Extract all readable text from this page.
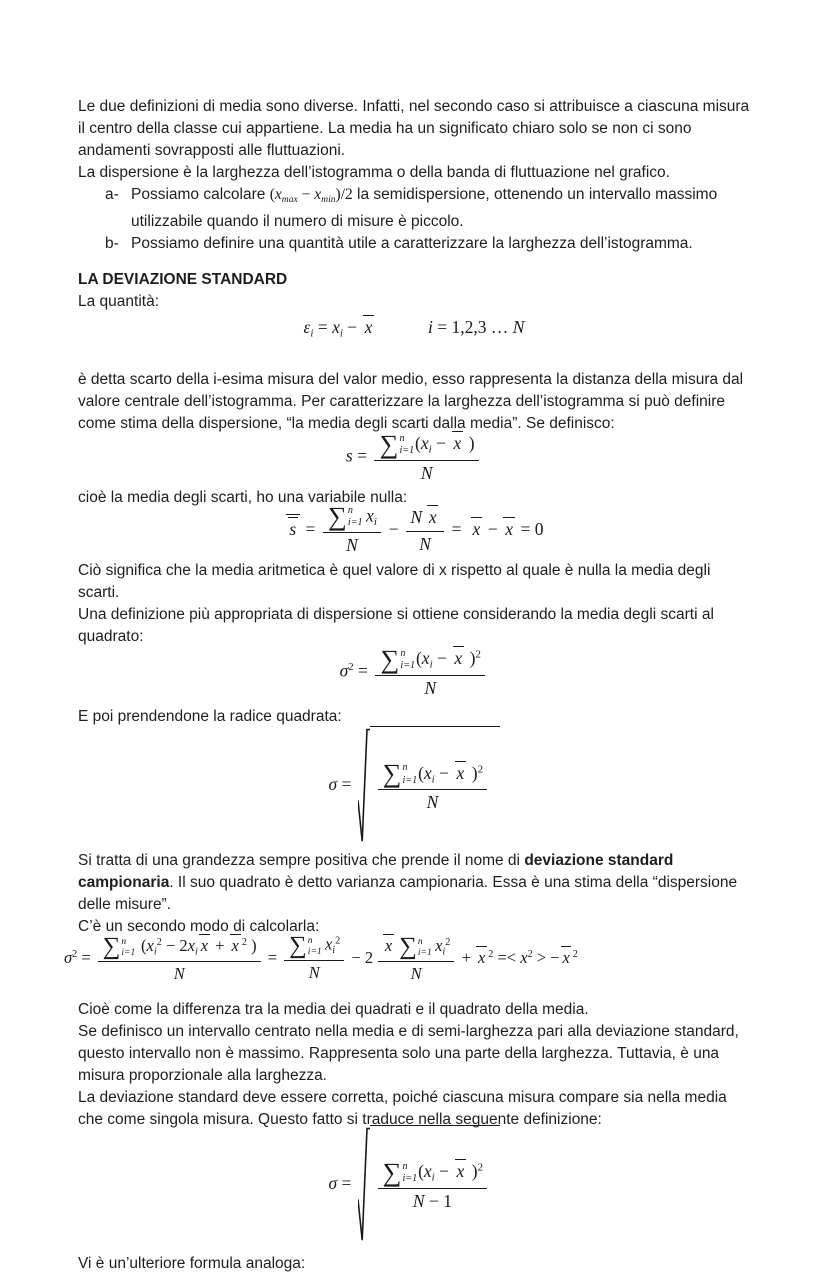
Le due definizioni di media sono diverse. Infatti, nel secondo caso si attribuisce a ciascuna misura il centro della classe cui appartiene. La media ha un significato chiaro solo se non ci sono andamenti sovrapposti alle fluttuazioni.

La dispersione è la larghezza dell’istogramma o della banda di fluttuazione nel grafico.

a- Possiamo calcolare $(x_{max} - x_{min})/2$ la semidispersione, ottenendo un intervallo massimo utilizzabile quando il numero di misure è piccolo.
b- Possiamo definire una quantità utile a caratterizzare la larghezza dell’istogramma.

LA DEVIAZIONE STANDARD

La quantità:

$\varepsilon_i = x_i - x$	i = 1,2,3 … N

è detta scarto della i-esima misura del valor medio, esso rappresenta la distanza della misura dal valore centrale dell’istogramma. Per caratterizzare la larghezza dell’istogramma si può definire come stima della dispersione, “la media degli scarti dalla media”. Se definisco:

s = ∑ n
i=1 ($x_i - x$ )
N

cioè la media degli scarti, ho una variabile nulla:

s = ∑ n
i=1 $x_i$
$N - \frac{\text{N x}}{N} = x - x = 0$

Ciò significa che la media aritmetica è quel valore di x rispetto al quale è nulla la media degli scarti.

Una definizione più appropriata di dispersione si ottiene considerando la media degli scarti al quadrato:

$\sigma^2$ = ∑ n
i=1 ($x_i - x$ )$^2$
N

E poi prendendone la radice quadrata:

σ = ∑ n
i=1 ($x_i - x$ )$^2$
N

Si tratta di una grandezza sempre positiva che prende il nome di deviazione standard campionaria. Il suo quadrato è detto varianza campionaria. Essa è una stima della “dispersione delle misure”.

C’è un secondo modo di calcolarla:

$\sigma^2$ = ∑ n
i=1 ($x_i^2 - 2x_i$ x + x $^2$ )
N
= ∑ n
i=1 $x_i^2$
N − 2 x ∑ n
i=1 $x_i^2$
N + x $^2 =< x^2$ > − x $^2$

Cioè come la differenza tra la media dei quadrati e il quadrato della media.

Se definisco un intervallo centrato nella media e di semi-larghezza pari alla deviazione standard, questo intervallo non è massimo. Rappresenta solo una parte della larghezza. Tuttavia, è una misura proporzionale alla larghezza.

La deviazione standard deve essere corretta, poiché ciascuna misura compare sia nella media che come singola misura. Questo fatto si traduce nella seguente definizione:

σ = ∑ n
i=1 ($x_i - x$ )$^2$
N − 1

Vi è un’ulteriore formula analoga:
